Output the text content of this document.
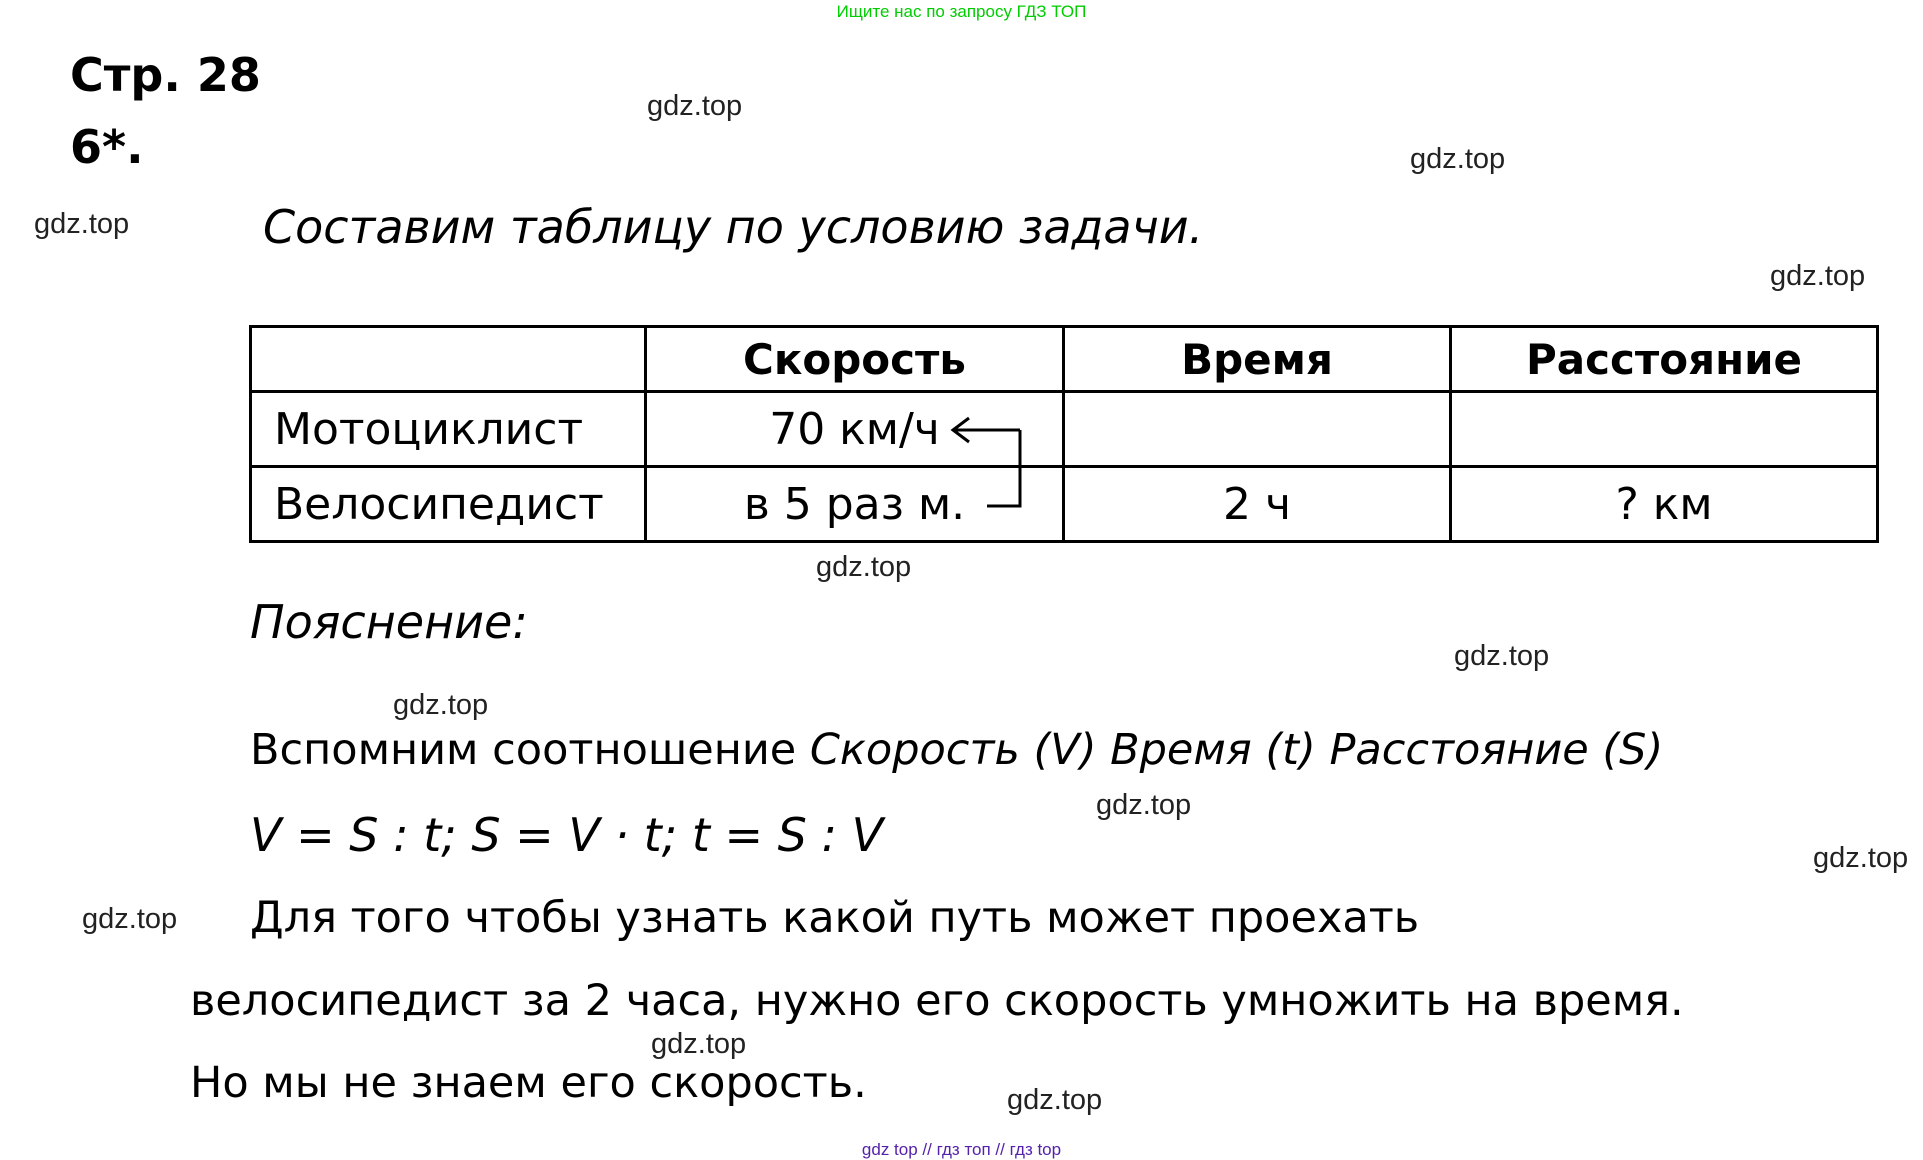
Ищите нас по запросу ГДЗ ТОП
Стр. 28
6*.
Составим таблицу по условию задачи.
	Скорость	Время	Расстояние
Мотоциклист	70 км/ч		
Велосипедист	в 5 раз м.	2 ч	? км
Пояснение:
Вспомним соотношение Скорость (V) Время (t) Расстояние (S)
V = S : t; S = V · t; t = S : V
Для того чтобы узнать какой путь может проехать
велосипедист за 2 часа, нужно его скорость умножить на время.
Но мы не знаем его скорость.
gdz.top
gdz.top
gdz.top
gdz.top
gdz.top
gdz.top
gdz.top
gdz.top
gdz.top
gdz.top
gdz.top
gdz.top
gdz top // гдз топ // гдз top
